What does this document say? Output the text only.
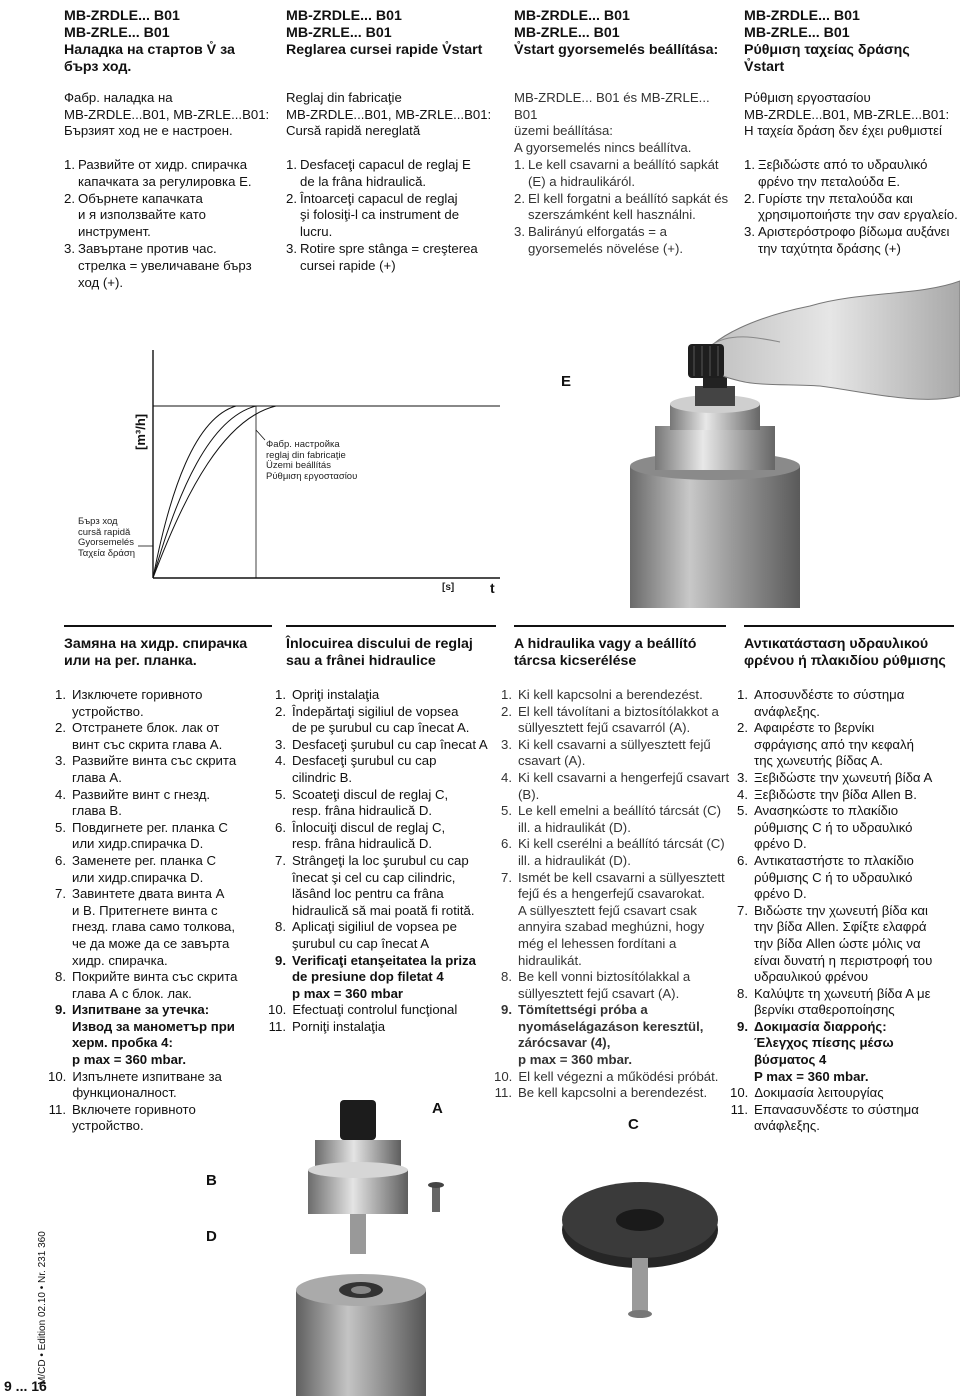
MB-ZRDLE... B01
MB-ZRLE... B01
Наладка на стартов V̊ за
бърз ход.
MB-ZRDLE... B01
MB-ZRLE... B01
Reglarea cursei rapide V̊start
MB-ZRDLE... B01
MB-ZRLE... B01
V̊start gyorsemelés beállítása:
MB-ZRDLE... B01
MB-ZRLE... B01
Ρύθμιση ταχείας δράσης
V̊start
Фабр. наладка на
MB-ZRDLE...B01, MB-ZRLE...B01:
Бързият ход не е настроен.
Reglaj din fabricaţie
MB-ZRDLE...B01, MB-ZRLE...B01:
Cursă rapidă nereglată
MB-ZRDLE... B01 és MB-ZRLE... B01
üzemi beállítása:
A gyorsemelés nincs beállítva.
Ρύθμιση εργοστασίου
MB-ZRDLE...B01, MB-ZRLE...B01:
Η ταχεία δράση δεν έχει ρυθμιστεί
1. Развийте от хидр. спирачка
капачката за регулировка Е.
2. Обърнете капачката
и я използвайте като
инструмент.
3. Завъртане против час.
стрелка = увеличаване бърз
ход (+).
1. Desfaceţi capacul de reglaj E
de la frâna hidraulică.
2. Întoarceţi capacul de reglaj
şi folosiţi-l ca instrument de
lucru.
3. Rotire spre stânga = creşterea
cursei rapide (+)
1. Le kell csavarni a beállító sapkát
(E) a hidraulikáról.
2. El kell forgatni a beállító sapkát és
szerszámként kell használni.
3. Balirányú elforgatás = a
gyorsemelés növelése (+).
1. Ξεβιδώστε από το υδραυλικό
φρένο την πεταλούδα Ε.
2. Γυρίστε την πεταλούδα και
χρησιμοποιήστε την σαν εργαλείο.
3. Αριστερόστροφο βίδωμα αυξάνει
την ταχύτητα δράσης (+)
[m³/h]	Фабр. настройка
reglaj din fabricaţie
Üzemi beállítás
Ρύθμιση εργοστασίου
Бърз ход
cursă rapidă
Gyorsemelés
Ταχεία δράση
[s]	t
E
Замяна на хидр. спирачка
или на рег. планка.
Înlocuirea discului de reglaj
sau a frânei hidraulice
A hidraulika vagy a beállító
tárcsa kicserélése
Αντικατάσταση υδραυλικού
φρένου ή πλακιδίου ρύθμισης
1. Изключете горивното
устройство.
2. Отстранете блок. лак от
винт със скрита глава А.
3. Развийте винта със скрита
глава А.
4. Развийте винт с гнезд.
глава В.
5. Повдигнете рег. планка С
или хидр.спирачка D.
6. Заменете рег. планка С
или хидр.спирачка D.
7. Завинтете двата винта А
и В. Притегнете винта с
гнезд. глава само толкова,
че да може да се завърта
хидр. спирачка.
8. Покрийте винта със скрита
глава А с блок. лак.
9. Изпитване за утечка:
Извод за манометър при
херм. пробка 4:
p max = 360 mbar.
10. Изпълнете изпитване за
функционалност.
11. Включете горивното
устройство.
1. Opriţi instalaţia
2. Îndepărtaţi sigiliul de vopsea
de pe şurubul cu cap înecat A.
3. Desfaceţi şurubul cu cap înecat A
4. Desfaceţi şurubul cu cap
cilindric B.
5. Scoateţi discul de reglaj C,
resp. frâna hidraulică D.
6. Înlocuiţi discul de reglaj C,
resp. frâna hidraulică D.
7. Strângeţi la loc şurubul cu cap
înecat şi cel cu cap cilindric,
lăsând loc pentru ca frâna
hidraulică să mai poată fi rotită.
8. Aplicaţi sigiliul de vopsea pe
şurubul cu cap înecat A
9. Verificaţi etanşeitatea la priza
de presiune dop filetat 4
p max = 360 mbar
10. Efectuaţi controlul funcţional
11. Porniţi instalaţia
1. Ki kell kapcsolni a berendezést.
2. El kell távolítani a biztosítólakkot a
süllyesztett fejű csavarról (A).
3. Ki kell csavarni a süllyesztett fejű
csavart (A).
4. Ki kell csavarni a hengerfejű csavart
(B).
5. Le kell emelni a beállító tárcsát (C)
ill. a hidraulikát (D).
6. Ki kell cserélni a beállító tárcsát (C)
ill. a hidraulikát (D).
7. Ismét be kell csavarni a süllyesztett
fejű és a hengerfejű csavarokat.
A süllyesztett fejű csavart csak
annyira szabad meghúzni, hogy
még el lehessen fordítani a
hidraulikát.
8. Be kell vonni biztosítólakkal a
süllyesztett fejű csavart (A).
9. Tömítettségi próba a
nyomáselágazáson keresztül,
zárócsavar (4),
p max = 360 mbar.
10. El kell végezni a működési próbát.
11. Be kell kapcsolni a berendezést.
1. Αποσυνδέστε το σύστημα
ανάφλεξης.
2. Αφαιρέστε το βερνίκι
σφράγισης από την κεφαλή
της χωνευτής βίδας Α.
3. Ξεβιδώστε την χωνευτή βίδα Α
4. Ξεβιδώστε την βίδα Allen Β.
5. Ανασηκώστε το πλακίδιο
ρύθμισης C ή το υδραυλικό
φρένο D.
6. Αντικαταστήστε το πλακίδιο
ρύθμισης C ή το υδραυλικό
φρένο D.
7. Βιδώστε την χωνευτή βίδα και
την βίδα Allen. Σφίξτε ελαφρά
την βίδα Allen ώστε μόλις να
είναι δυνατή η περιστροφή του
υδραυλικού φρένου
8. Καλύψτε τη χωνευτή βίδα Α με
βερνίκι σταθεροποίησης
9. Δοκιμασία διαρροής:
Έλεγχος πίεσης μέσω
βύσματος 4
P max = 360 mbar.
10. Δοκιμασία λειτουργίας
11. Επανασυνδέστε το σύστημα
ανάφλεξης.
A
B
C
D
M/CD • Edition 02.10 • Nr. 231 360
9 ... 16
